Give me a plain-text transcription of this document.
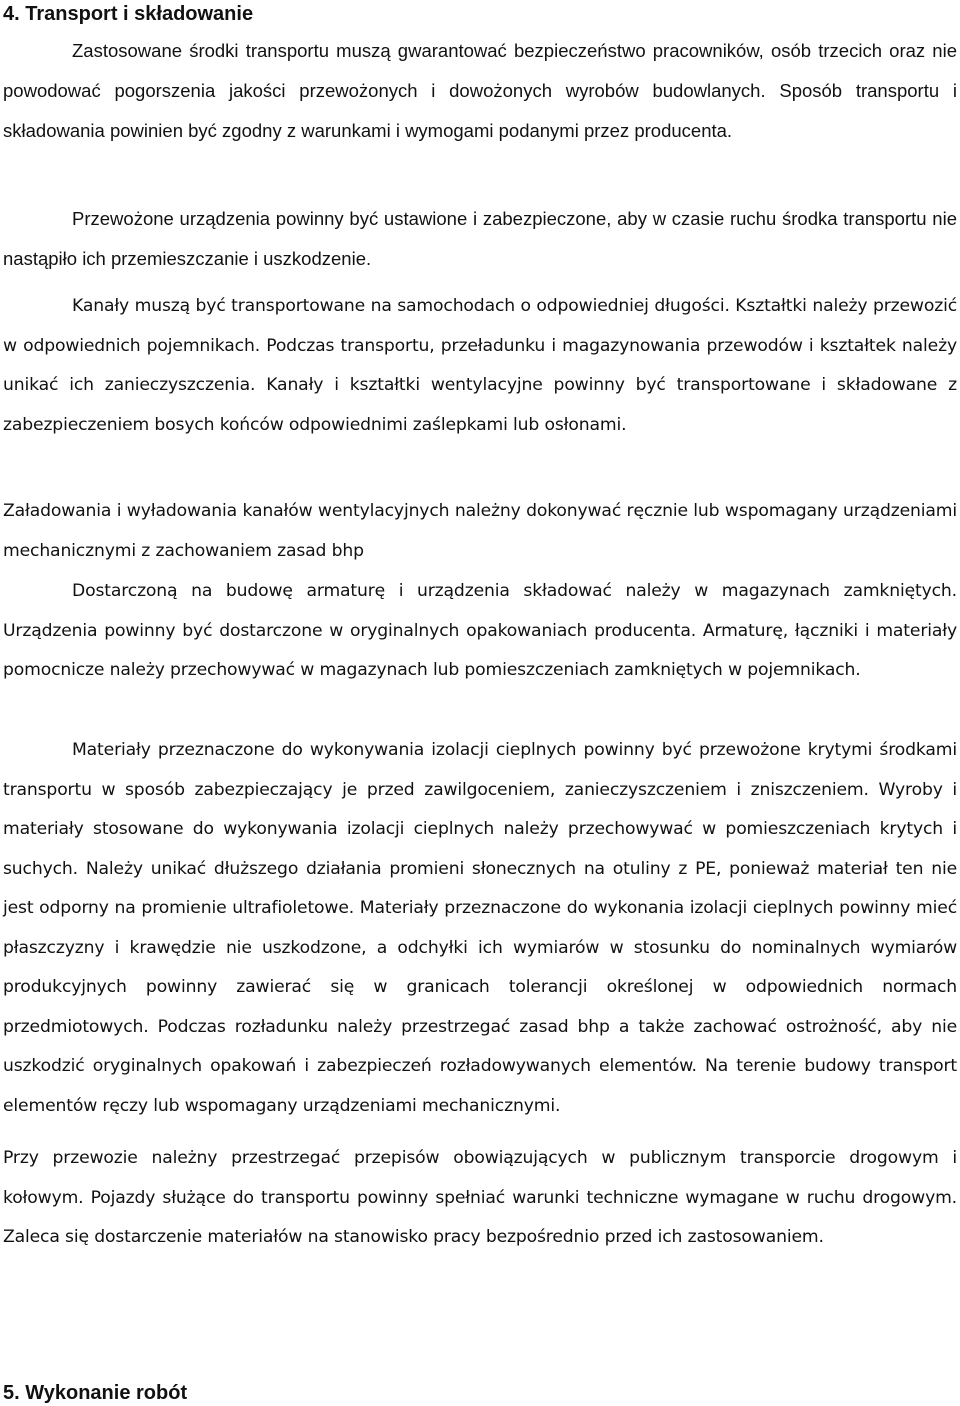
4. Transport i składowanie

Zastosowane środki transportu muszą gwarantować bezpieczeństwo pracowników, osób trzecich oraz nie powodować pogorszenia jakości przewożonych i dowożonych wyrobów budowlanych. Sposób transportu i składowania powinien być zgodny z warunkami i wymogami podanymi przez producenta.

Przewożone urządzenia powinny być ustawione i zabezpieczone, aby w czasie ruchu środka transportu nie nastąpiło ich przemieszczanie i uszkodzenie.

Kanały muszą być transportowane na samochodach o odpowiedniej długości. Kształtki należy przewozić w odpowiednich pojemnikach. Podczas transportu, przeładunku i magazynowania przewodów i kształtek należy unikać ich zanieczyszczenia. Kanały i kształtki wentylacyjne powinny być transportowane i składowane z zabezpieczeniem bosych końców odpowiednimi zaślepkami lub osłonami.

Załadowania i wyładowania kanałów wentylacyjnych należny dokonywać ręcznie lub wspomagany urządzeniami mechanicznymi z zachowaniem zasad bhp

Dostarczoną na budowę armaturę i urządzenia składować należy w magazynach zamkniętych. Urządzenia powinny być dostarczone w oryginalnych opakowaniach producenta. Armaturę, łączniki i materiały pomocnicze należy przechowywać w magazynach lub pomieszczeniach zamkniętych w pojemnikach.

Materiały przeznaczone do wykonywania izolacji cieplnych powinny być przewożone krytymi środkami transportu w sposób zabezpieczający je przed zawilgoceniem, zanieczyszczeniem i zniszczeniem. Wyroby i materiały stosowane do wykonywania izolacji cieplnych należy przechowywać w pomieszczeniach krytych i suchych. Należy unikać dłuższego działania promieni słonecznych na otuliny z PE, ponieważ materiał ten nie jest odporny na promienie ultrafioletowe. Materiały przeznaczone do wykonania izolacji cieplnych powinny mieć płaszczyzny i krawędzie nie uszkodzone, a odchyłki ich wymiarów w stosunku do nominalnych wymiarów produkcyjnych powinny zawierać się w granicach tolerancji określonej w odpowiednich normach przedmiotowych. Podczas rozładunku należy przestrzegać zasad bhp a także zachować ostrożność, aby nie uszkodzić oryginalnych opakowań i zabezpieczeń rozładowywanych elementów. Na terenie budowy transport elementów ręczy lub wspomagany urządzeniami mechanicznymi.

Przy przewozie należny przestrzegać przepisów obowiązujących w publicznym transporcie drogowym i kołowym. Pojazdy służące do transportu powinny spełniać warunki techniczne wymagane w ruchu drogowym. Zaleca się dostarczenie materiałów na stanowisko pracy bezpośrednio przed ich zastosowaniem.

5. Wykonanie robót
